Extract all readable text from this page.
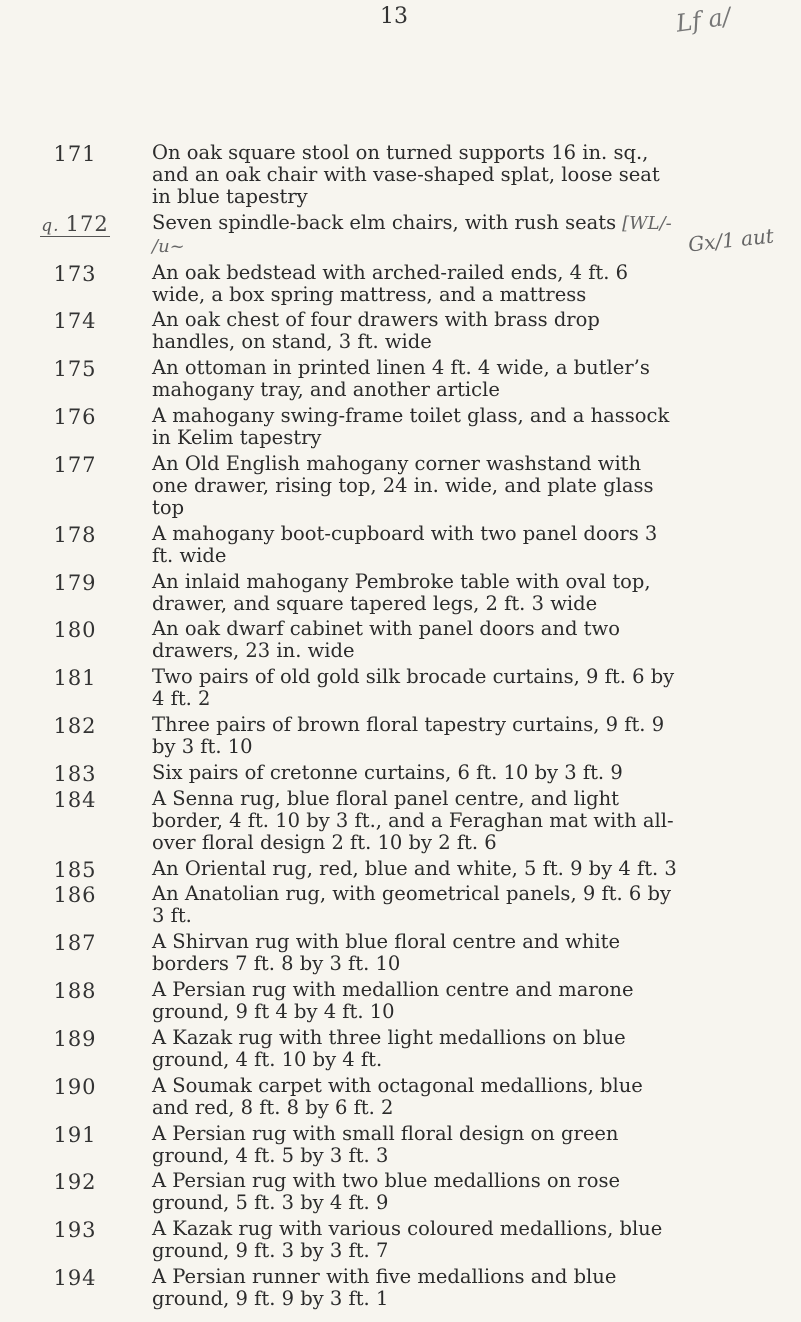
13	Lf a/
Gx/1 aut
171	On oak square stool on turned supports 16 in. sq., and an oak chair with vase-shaped splat, loose seat in blue tapestry
q. 172 Seven spindle-back elm chairs, with rush seats [WL/- /u~
173	An oak bedstead with arched-railed ends, 4 ft. 6 wide, a box spring mattress, and a mattress
174	An oak chest of four drawers with brass drop handles, on stand, 3 ft. wide
175	An ottoman in printed linen 4 ft. 4 wide, a butler’s mahogany tray, and another article
176	A mahogany swing-frame toilet glass, and a hassock in Kelim tapestry
177	An Old English mahogany corner washstand with one drawer, rising top, 24 in. wide, and plate glass top
178	A mahogany boot-cupboard with two panel doors 3 ft. wide
179	An inlaid mahogany Pembroke table with oval top, drawer, and square tapered legs, 2 ft. 3 wide
180	An oak dwarf cabinet with panel doors and two drawers, 23 in. wide
181	Two pairs of old gold silk brocade curtains, 9 ft. 6 by 4 ft. 2
182	Three pairs of brown floral tapestry curtains, 9 ft. 9 by 3 ft. 10
183	Six pairs of cretonne curtains, 6 ft. 10 by 3 ft. 9
184	A Senna rug, blue floral panel centre, and light border, 4 ft. 10 by 3 ft., and a Feraghan mat with all-over floral design 2 ft. 10 by 2 ft. 6
185	An Oriental rug, red, blue and white, 5 ft. 9 by 4 ft. 3
186	An Anatolian rug, with geometrical panels, 9 ft. 6 by 3 ft.
187	A Shirvan rug with blue floral centre and white borders 7 ft. 8 by 3 ft. 10
188	A Persian rug with medallion centre and marone ground, 9 ft 4 by 4 ft. 10
189	A Kazak rug with three light medallions on blue ground, 4 ft. 10 by 4 ft.
190	A Soumak carpet with octagonal medallions, blue and red, 8 ft. 8 by 6 ft. 2
191	A Persian rug with small floral design on green ground, 4 ft. 5 by 3 ft. 3
192	A Persian rug with two blue medallions on rose ground, 5 ft. 3 by 4 ft. 9
193	A Kazak rug with various coloured medallions, blue ground, 9 ft. 3 by 3 ft. 7
194	A Persian runner with five medallions and blue ground, 9 ft. 9 by 3 ft. 1
